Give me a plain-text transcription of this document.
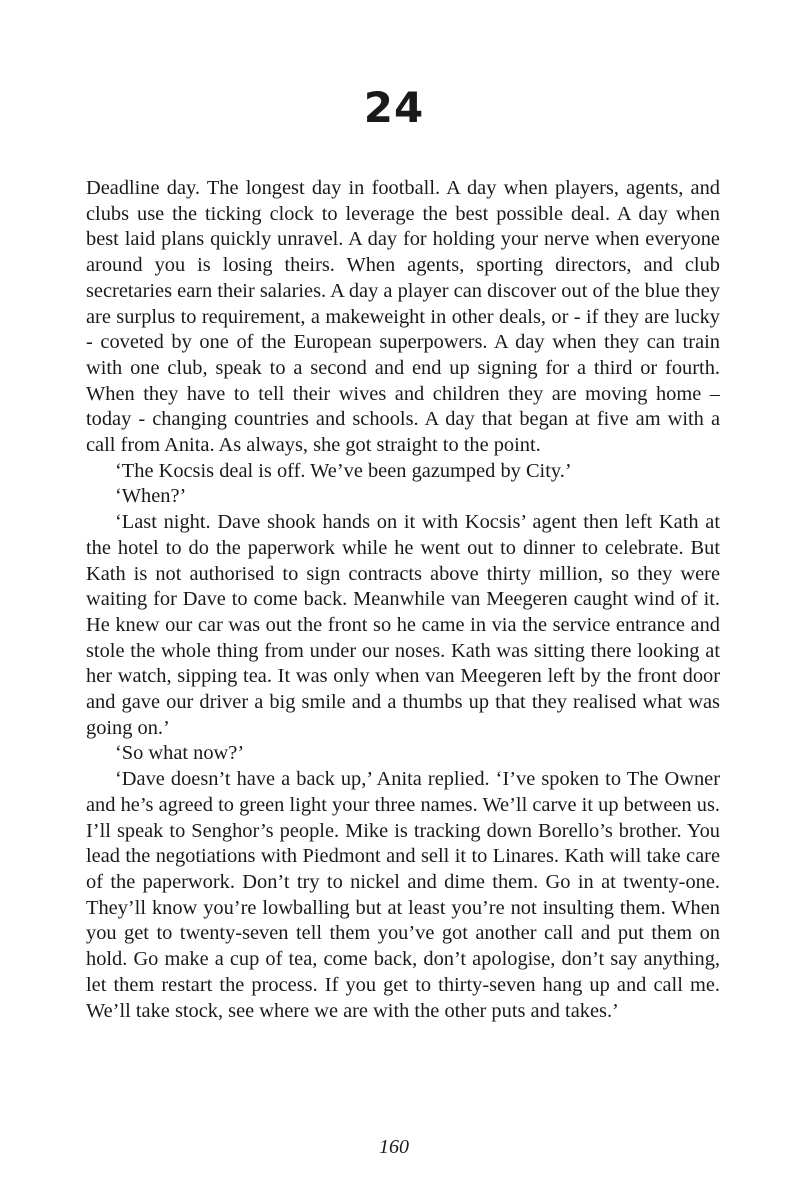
24

Deadline day. The longest day in football. A day when players, agents, and clubs use the ticking clock to leverage the best possible deal. A day when best laid plans quickly unravel. A day for holding your nerve when everyone around you is losing theirs. When agents, sporting directors, and club secretaries earn their salaries. A day a player can discover out of the blue they are surplus to requirement, a makeweight in other deals, or - if they are lucky - coveted by one of the European superpowers. A day when they can train with one club, speak to a second and end up signing for a third or fourth. When they have to tell their wives and children they are moving home – today - changing countries and schools. A day that began at five am with a call from Anita. As always, she got straight to the point.

‘The Kocsis deal is off. We’ve been gazumped by City.’

‘When?’

‘Last night. Dave shook hands on it with Kocsis’ agent then left Kath at the hotel to do the paperwork while he went out to dinner to celebrate. But Kath is not authorised to sign contracts above thirty million, so they were waiting for Dave to come back. Meanwhile van Meegeren caught wind of it. He knew our car was out the front so he came in via the service entrance and stole the whole thing from under our noses. Kath was sitting there looking at her watch, sipping tea. It was only when van Meegeren left by the front door and gave our driver a big smile and a thumbs up that they realised what was going on.’

‘So what now?’

‘Dave doesn’t have a back up,’ Anita replied. ‘I’ve spoken to The Owner and he’s agreed to green light your three names. We’ll carve it up between us. I’ll speak to Senghor’s people. Mike is tracking down Borello’s brother. You lead the negotiations with Piedmont and sell it to Linares. Kath will take care of the paperwork. Don’t try to nickel and dime them. Go in at twenty-one. They’ll know you’re lowballing but at least you’re not insulting them. When you get to twenty-seven tell them you’ve got another call and put them on hold. Go make a cup of tea, come back, don’t apologise, don’t say anything, let them restart the process. If you get to thirty-seven hang up and call me. We’ll take stock, see where we are with the other puts and takes.’

160
